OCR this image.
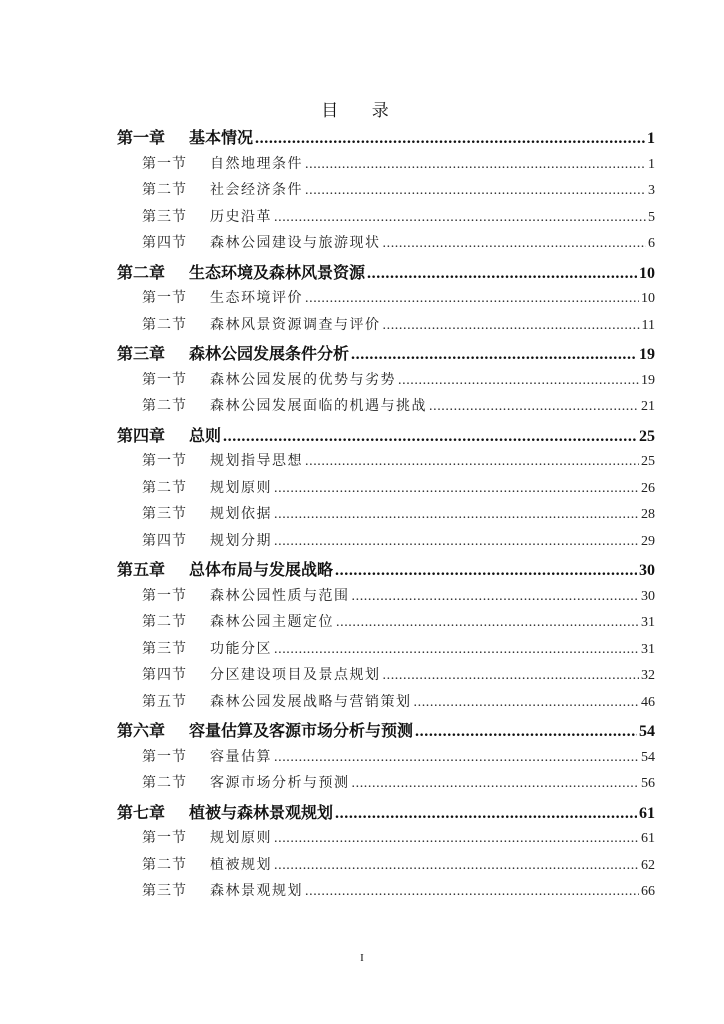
目 录
第一章	基本情况 .....	1
第一节	自然地理条件 .....	1
第二节	社会经济条件 .....	3
第三节	历史沿革 .....	5
第四节	森林公园建设与旅游现状 .....	6
第二章	生态环境及森林风景资源 .....	10
第一节	生态环境评价 .....	10
第二节	森林风景资源调查与评价 .....	11
第三章	森林公园发展条件分析 .....	19
第一节	森林公园发展的优势与劣势 .....	19
第二节	森林公园发展面临的机遇与挑战 .....	21
第四章	总则 .....	25
第一节	规划指导思想 .....	25
第二节	规划原则 .....	26
第三节	规划依据 .....	28
第四节	规划分期 .....	29
第五章	总体布局与发展战略 .....	30
第一节	森林公园性质与范围 .....	30
第二节	森林公园主题定位 .....	31
第三节	功能分区 .....	31
第四节	分区建设项目及景点规划 .....	32
第五节	森林公园发展战略与营销策划 .....	46
第六章	容量估算及客源市场分析与预测 .....	54
第一节	容量估算 .....	54
第二节	客源市场分析与预测 .....	56
第七章	植被与森林景观规划 .....	61
第一节	规划原则 .....	61
第二节	植被规划 .....	62
第三节	森林景观规划 .....	66
I
